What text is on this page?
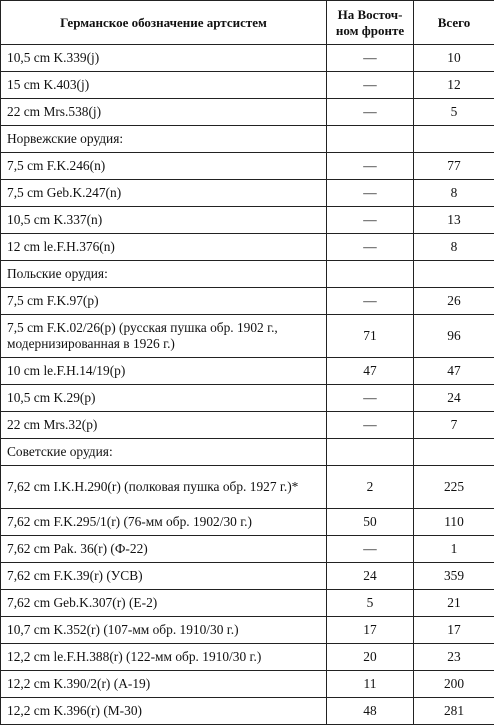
Германское обозначение артсистем	На Восточ-ном фронте	Всего
10,5 cm K.339(j)	—	10
15 cm K.403(j)	—	12
22 cm Mrs.538(j)	—	5
Норвежские орудия:		
7,5 cm F.K.246(n)	—	77
7,5 cm Geb.K.247(n)	—	8
10,5 cm K.337(n)	—	13
12 cm le.F.H.376(n)	—	8
Польские орудия:		
7,5 cm F.K.97(p)	—	26
7,5 cm F.K.02/26(p) (русская пушка обр. 1902 г., модернизированная в 1926 г.)	71	96
10 cm le.F.H.14/19(p)	47	47
10,5 cm K.29(p)	—	24
22 cm Mrs.32(p)	—	7
Советские орудия:		
7,62 cm I.K.H.290(r) (полковая пушка обр. 1927 г.)*	2	225
7,62 cm F.K.295/1(r) (76-мм обр. 1902/30 г.)	50	110
7,62 cm Pak. 36(r) (Ф-22)	—	1
7,62 cm F.K.39(r) (УСВ)	24	359
7,62 cm Geb.K.307(r) (Е-2)	5	21
10,7 cm K.352(r) (107-мм обр. 1910/30 г.)	17	17
12,2 cm le.F.H.388(r) (122-мм обр. 1910/30 г.)	20	23
12,2 cm K.390/2(r) (А-19)	11	200
12,2 cm K.396(r) (М-30)	48	281
